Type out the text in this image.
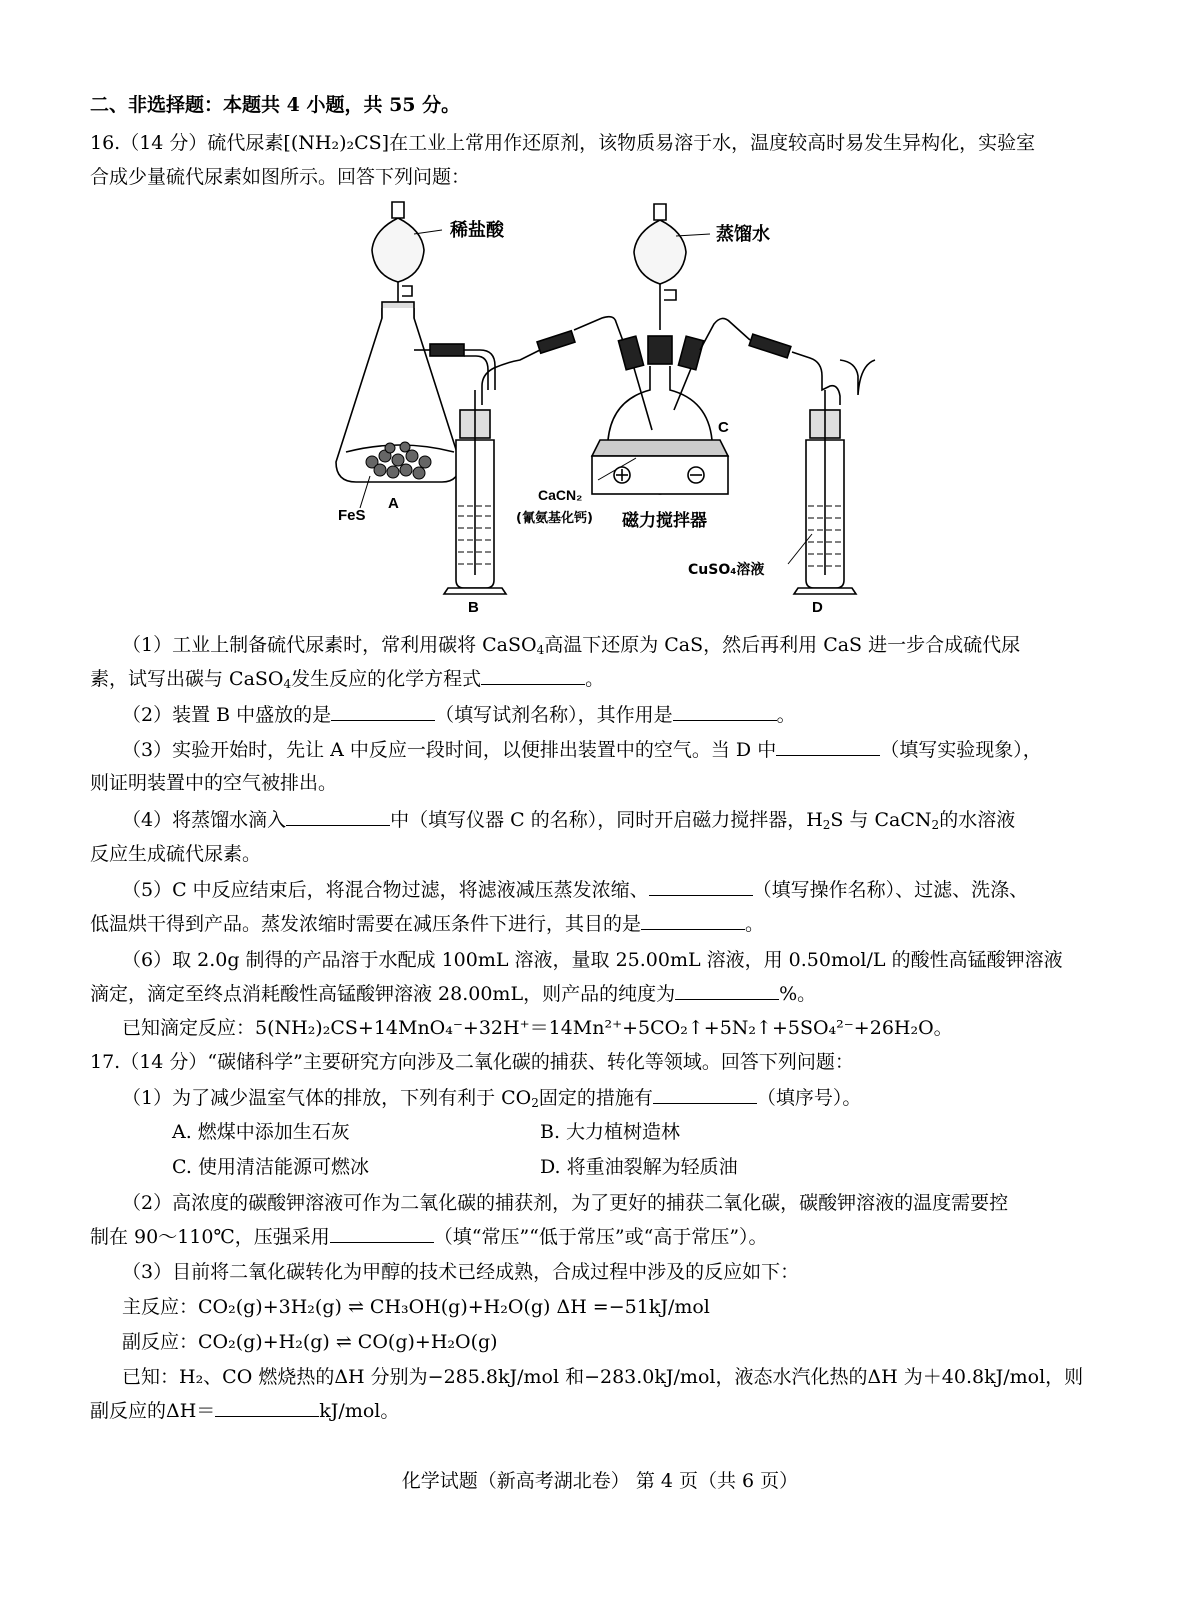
二、非选择题：本题共 4 小题，共 55 分。
16.（14 分）硫代尿素[(NH₂)₂CS]在工业上常用作还原剂，该物质易溶于水，温度较高时易发生异构化，实验室
合成少量硫代尿素如图所示。回答下列问题：
稀盐酸	蒸馏水
FeS
A
B
C
D
CaCN₂
(氰氨基化钙) 磁力搅拌器
CuSO₄溶液
（1）工业上制备硫代尿素时，常利用碳将 CaSO$_4$高温下还原为 CaS，然后再利用 CaS 进一步合成硫代尿
素，试写出碳与 CaSO$_4$发生反应的化学方程式	。
（2）装置 B 中盛放的是	（填写试剂名称），其作用是	。
（3）实验开始时，先让 A 中反应一段时间，以便排出装置中的空气。当 D 中	（填写实验现象），
则证明装置中的空气被排出。
（4）将蒸馏水滴入	中（填写仪器 C 的名称），同时开启磁力搅拌器，$H_2S$ 与 CaCN$_2$的水溶液
反应生成硫代尿素。
（5）C 中反应结束后，将混合物过滤，将滤液减压蒸发浓缩、	（填写操作名称）、过滤、洗涤、
低温烘干得到产品。蒸发浓缩时需要在减压条件下进行，其目的是	。
（6）取 2.0g 制得的产品溶于水配成 100mL 溶液，量取 25.00mL 溶液，用 0.50mol/L 的酸性高锰酸钾溶液
滴定，滴定至终点消耗酸性高锰酸钾溶液 28.00mL，则产品的纯度为	%。
已知滴定反应：5(NH₂)₂CS+14MnO₄⁻+32H⁺＝14Mn²⁺+5CO₂↑+5N₂↑+5SO₄²⁻+26H₂O。
17.（14 分）“碳储科学”主要研究方向涉及二氧化碳的捕获、转化等领域。回答下列问题：
（1）为了减少温室气体的排放，下列有利于 $CO_2$固定的措施有	（填序号）。
A. 燃煤中添加生石灰	B. 大力植树造林
C. 使用清洁能源可燃冰	D. 将重油裂解为轻质油
（2）高浓度的碳酸钾溶液可作为二氧化碳的捕获剂，为了更好的捕获二氧化碳，碳酸钾溶液的温度需要控
制在 90～110℃，压强采用	（填“常压”“低于常压”或“高于常压”）。
（3）目前将二氧化碳转化为甲醇的技术已经成熟，合成过程中涉及的反应如下：
主反应：CO₂(g)+3H₂(g) ⇌ CH₃OH(g)+H₂O(g) ΔH =−51kJ/mol
副反应：CO₂(g)+H₂(g) ⇌ CO(g)+H₂O(g)
已知：H₂、CO 燃烧热的ΔH 分别为−285.8kJ/mol 和−283.0kJ/mol，液态水汽化热的ΔH 为＋40.8kJ/mol，则
副反应的ΔH＝	kJ/mol。
化学试题（新高考湖北卷） 第 4 页（共 6 页）
